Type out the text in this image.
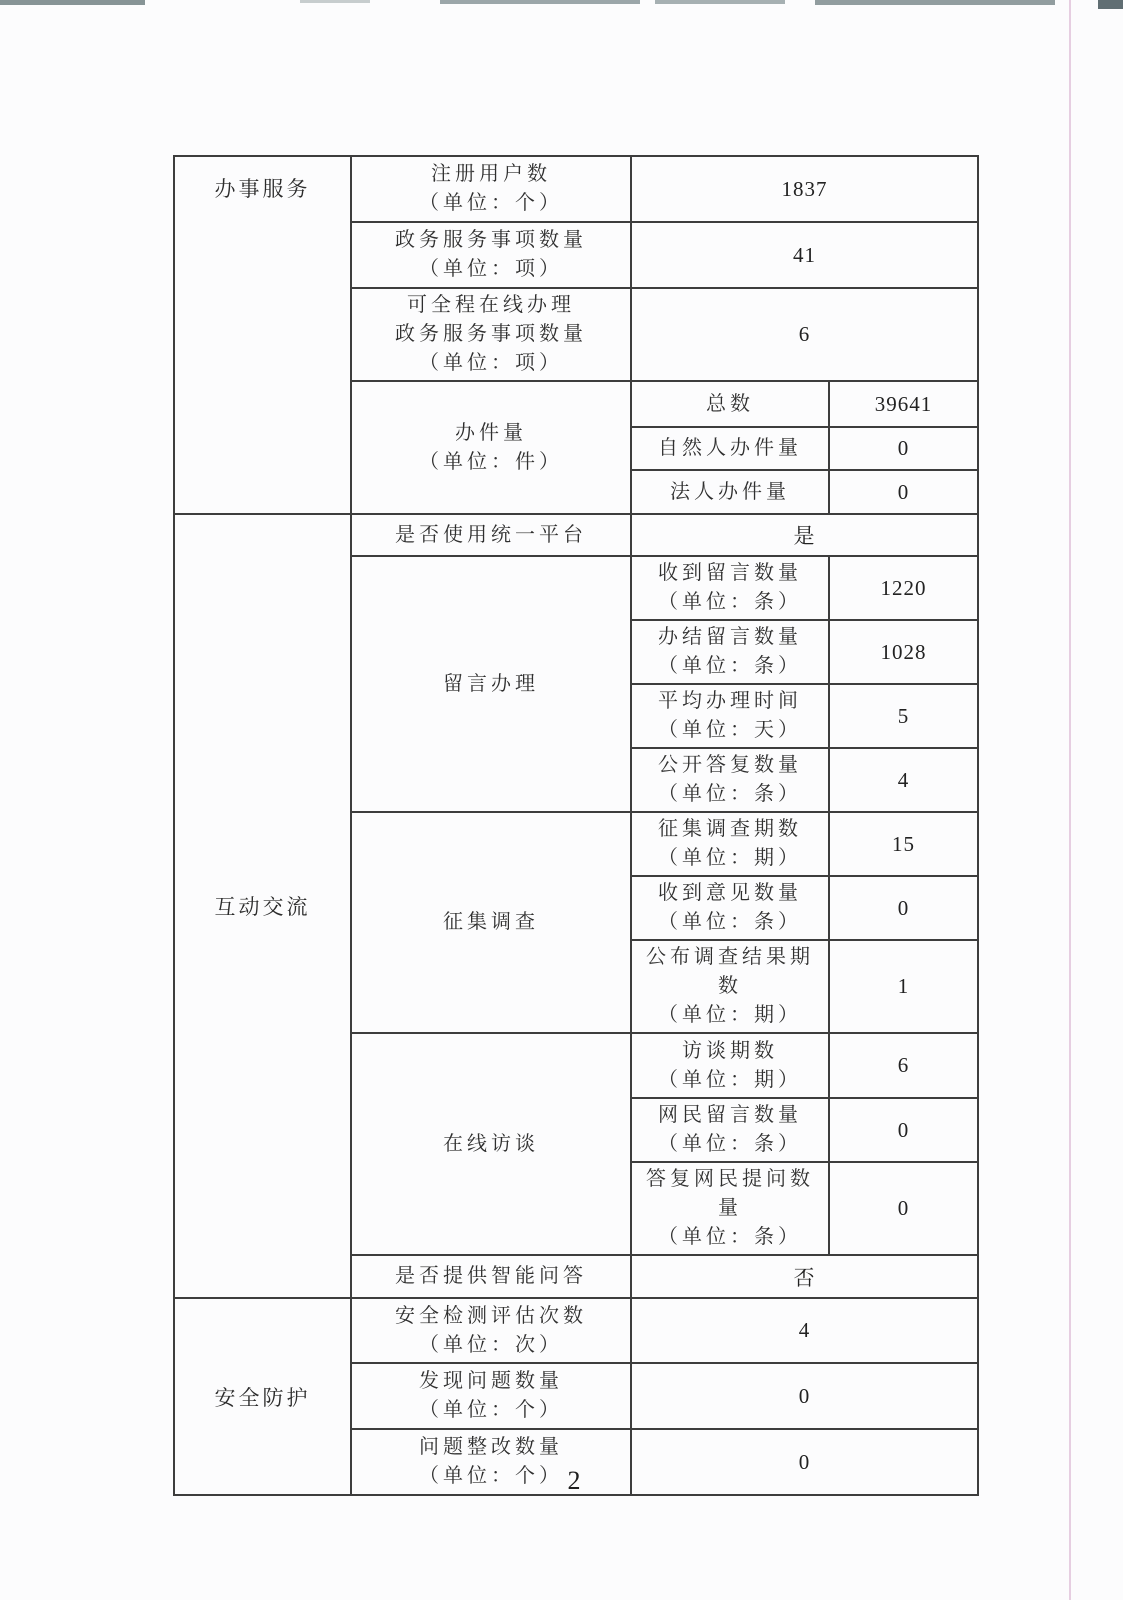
办事服务	注册用户数
（单位：个）	1837	

	政务服务事项数量
（单位：项）	41	

	可全程在线办理
政务服务事项数量
（单位：项）	6	

	办件量
（单位：件）	总数	39641

		自然人办件量	0

		法人办件量	0
互动交流	是否使用统一平台	是	

	留言办理	收到留言数量
（单位：条）	1220

		办结留言数量
（单位：条）	1028

		平均办理时间
（单位：天）	5

		公开答复数量
（单位：条）	4

	征集调查	征集调查期数
（单位：期）	15

		收到意见数量
（单位：条）	0

		公布调查结果期数
（单位：期）	1

	在线访谈	访谈期数
（单位：期）	6

		网民留言数量
（单位：条）	0

		答复网民提问数量
（单位：条）	0

	是否提供智能问答	否	
安全防护	安全检测评估次数
（单位：次）	4	

	发现问题数量
（单位：个）	0	

	问题整改数量
（单位：个）	0	
2
